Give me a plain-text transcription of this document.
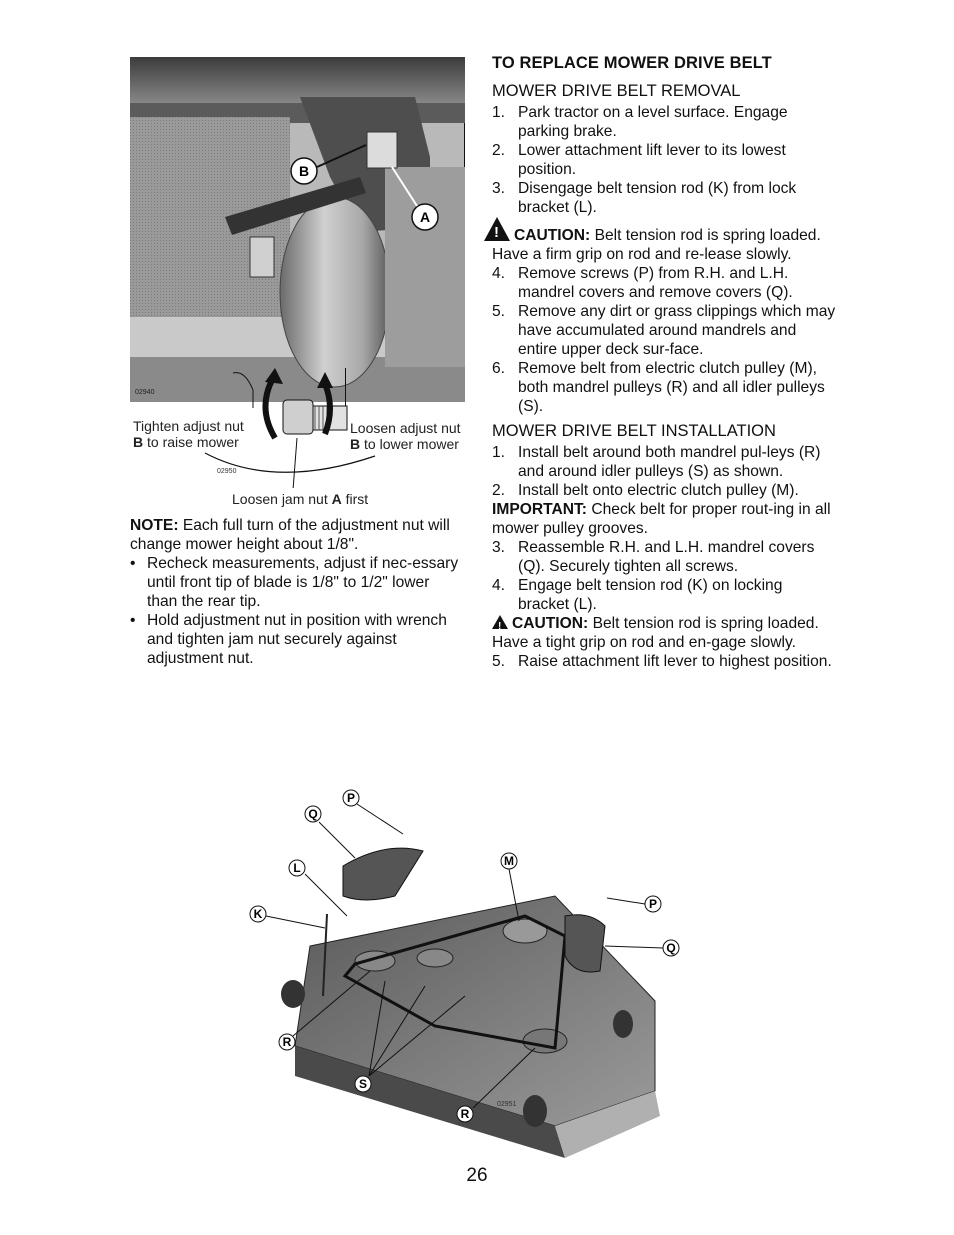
B
A
02940
02950
Tighten adjust nut
B to raise mower
Loosen adjust nut
B to lower mower
Loosen jam nut A first

NOTE: Each full turn of the adjustment nut will change mower height about 1/8".

• Recheck measurements, adjust if nec-essary until front tip of blade is 1/8" to 1/2" lower than the rear tip.

• Hold adjustment nut in position with wrench and tighten jam nut securely against adjustment nut.

TO REPLACE MOWER DRIVE BELT

MOWER DRIVE BELT REMOVAL

1. Park tractor on a level surface. Engage parking brake.

2. Lower attachment lift lever to its lowest position.

3. Disengage belt tension rod (K) from lock bracket (L).

! CAUTION: Belt tension rod is spring loaded. Have a firm grip on rod and re-lease slowly.

4. Remove screws (P) from R.H. and L.H. mandrel covers and remove covers (Q).

5. Remove any dirt or grass clippings which may have accumulated around mandrels and entire upper deck sur-face.

6. Remove belt from electric clutch pulley (M), both mandrel pulleys (R) and all idler pulleys (S).

MOWER DRIVE BELT INSTALLATION

1. Install belt around both mandrel pul-leys (R) and around idler pulleys (S) as shown.

2. Install belt onto electric clutch pulley (M).

IMPORTANT: Check belt for proper rout-ing in all mower pulley grooves.

3. Reassemble R.H. and L.H. mandrel covers (Q). Securely tighten all screws.

4. Engage belt tension rod (K) on locking bracket (L).

! CAUTION: Belt tension rod is spring loaded. Have a tight grip on rod and en-gage slowly.

5. Raise attachment lift lever to highest position.

P
Q
L
K
M
P
Q
R
S
R
02951
26
